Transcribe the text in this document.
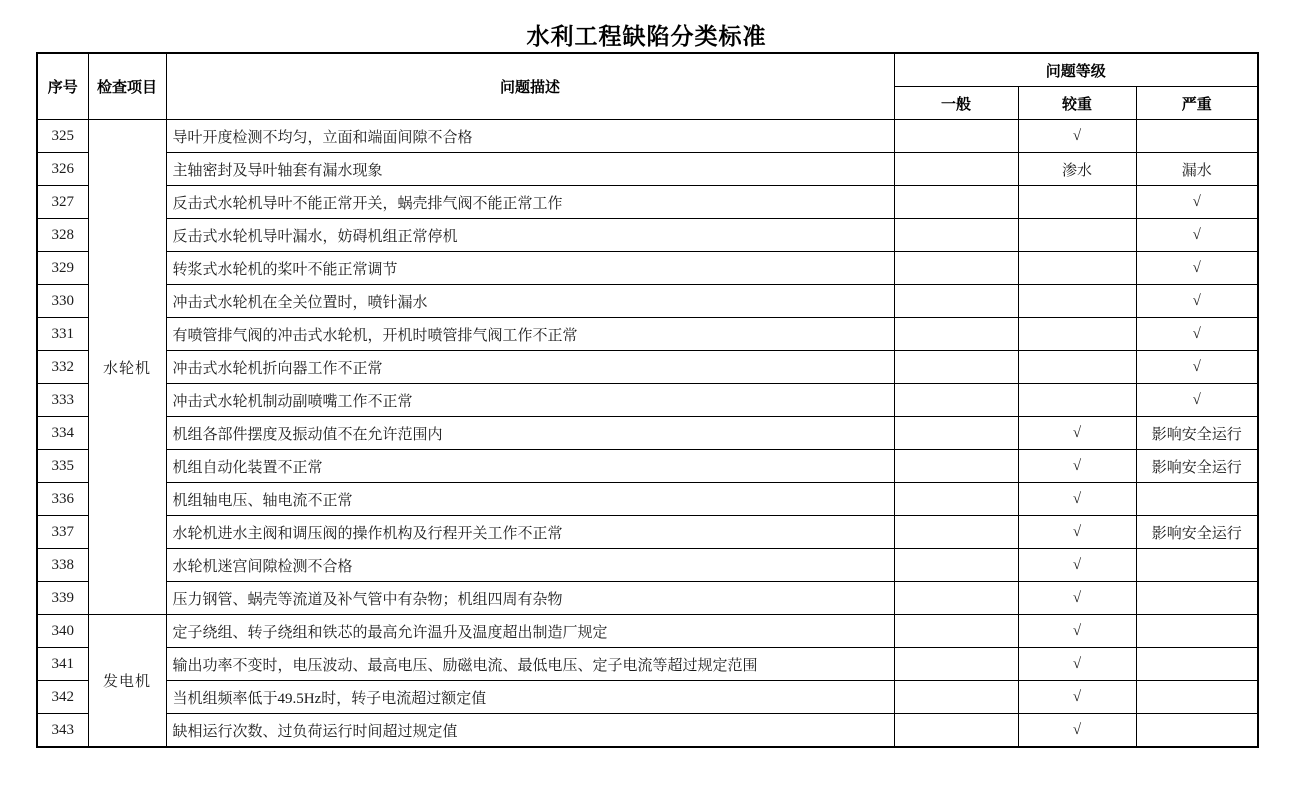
水利工程缺陷分类标准
序号	检查项目	问题描述	问题等级		
			一般	较重	严重
325	水轮机	导叶开度检测不均匀，立面和端面间隙不合格		√	
326		主轴密封及导叶轴套有漏水现象		渗水	漏水
327		反击式水轮机导叶不能正常开关，蜗壳排气阀不能正常工作			√
328		反击式水轮机导叶漏水，妨碍机组正常停机			√
329		转浆式水轮机的桨叶不能正常调节			√
330		冲击式水轮机在全关位置时，喷针漏水			√
331		有喷管排气阀的冲击式水轮机，开机时喷管排气阀工作不正常			√
332		冲击式水轮机折向器工作不正常			√
333		冲击式水轮机制动副喷嘴工作不正常			√
334		机组各部件摆度及振动值不在允许范围内		√	影响安全运行
335		机组自动化装置不正常		√	影响安全运行
336		机组轴电压、轴电流不正常		√	
337		水轮机进水主阀和调压阀的操作机构及行程开关工作不正常		√	影响安全运行
338		水轮机迷宫间隙检测不合格		√	
339		压力钢管、蜗壳等流道及补气管中有杂物；机组四周有杂物		√	
340	发电机	定子绕组、转子绕组和铁芯的最高允许温升及温度超出制造厂规定		√	
341		输出功率不变时，电压波动、最高电压、励磁电流、最低电压、定子电流等超过规定范围		√	
342		当机组频率低于49.5Hz时，转子电流超过额定值		√	
343		缺相运行次数、过负荷运行时间超过规定值		√	
